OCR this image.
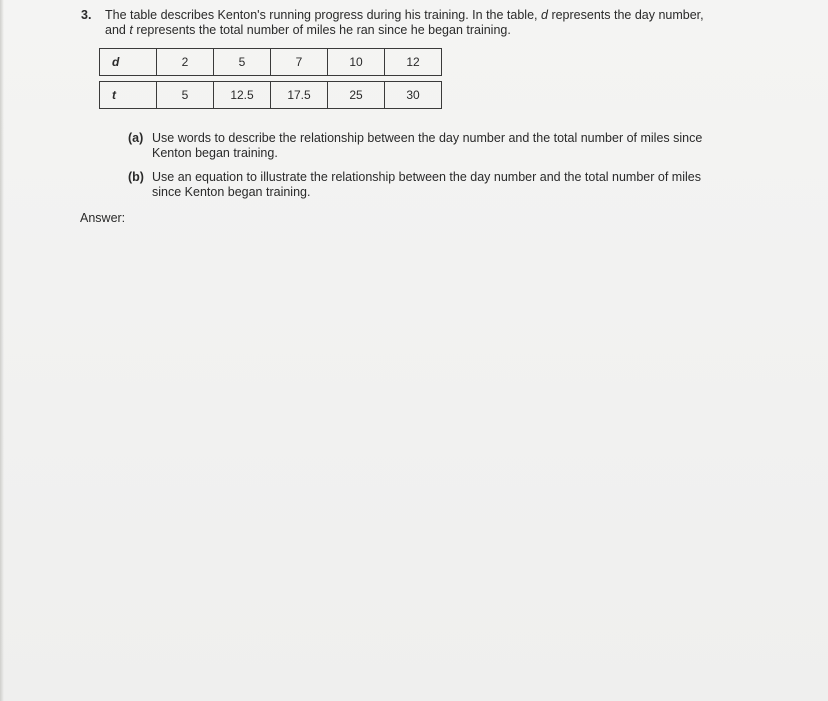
3. The table describes Kenton's running progress during his training. In the table, d represents the day number,
and t represents the total number of miles he ran since he began training.
d	2	5	7	10	12

t	5	12.5	17.5	25	30
(a) Use words to describe the relationship between the day number and the total number of miles since
Kenton began training.
(b) Use an equation to illustrate the relationship between the day number and the total number of miles
since Kenton began training.
Answer:
